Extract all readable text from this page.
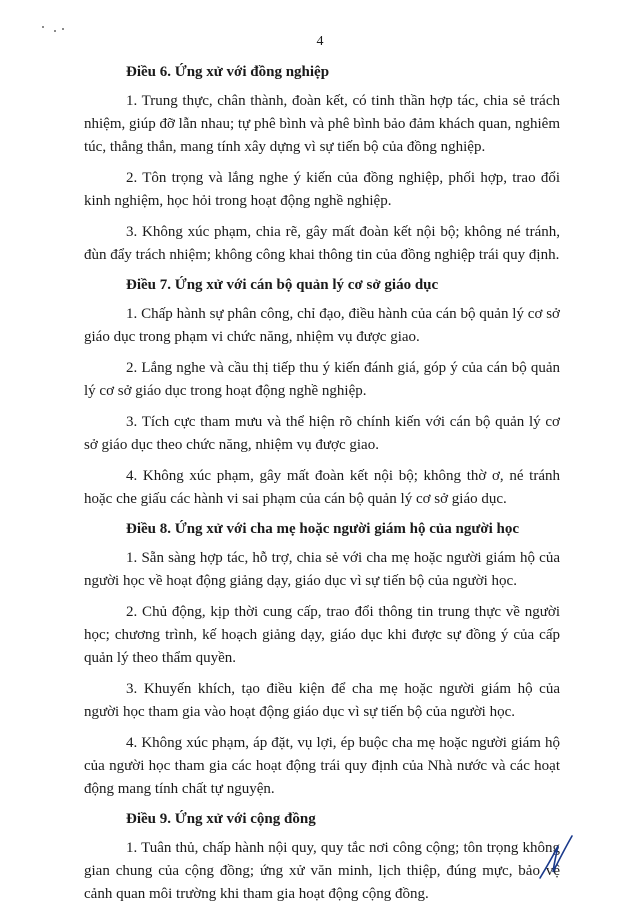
4

Điều 6. Ứng xử với đồng nghiệp

1. Trung thực, chân thành, đoàn kết, có tinh thần hợp tác, chia sẻ trách nhiệm, giúp đỡ lẫn nhau; tự phê bình và phê bình bảo đảm khách quan, nghiêm túc, thẳng thắn, mang tính xây dựng vì sự tiến bộ của đồng nghiệp.

2. Tôn trọng và lắng nghe ý kiến của đồng nghiệp, phối hợp, trao đổi kinh nghiệm, học hỏi trong hoạt động nghề nghiệp.

3. Không xúc phạm, chia rẽ, gây mất đoàn kết nội bộ; không né tránh, đùn đẩy trách nhiệm; không công khai thông tin của đồng nghiệp trái quy định.

Điều 7. Ứng xử với cán bộ quản lý cơ sở giáo dục

1. Chấp hành sự phân công, chỉ đạo, điều hành của cán bộ quản lý cơ sở giáo dục trong phạm vi chức năng, nhiệm vụ được giao.

2. Lắng nghe và cầu thị tiếp thu ý kiến đánh giá, góp ý của cán bộ quản lý cơ sở giáo dục trong hoạt động nghề nghiệp.

3. Tích cực tham mưu và thể hiện rõ chính kiến với cán bộ quản lý cơ sở giáo dục theo chức năng, nhiệm vụ được giao.

4. Không xúc phạm, gây mất đoàn kết nội bộ; không thờ ơ, né tránh hoặc che giấu các hành vi sai phạm của cán bộ quản lý cơ sở giáo dục.

Điều 8. Ứng xử với cha mẹ hoặc người giám hộ của người học

1. Sẵn sàng hợp tác, hỗ trợ, chia sẻ với cha mẹ hoặc người giám hộ của người học về hoạt động giảng dạy, giáo dục vì sự tiến bộ của người học.

2. Chủ động, kịp thời cung cấp, trao đổi thông tin trung thực về người học; chương trình, kế hoạch giảng dạy, giáo dục khi được sự đồng ý của cấp quản lý theo thẩm quyền.

3. Khuyến khích, tạo điều kiện để cha mẹ hoặc người giám hộ của người học tham gia vào hoạt động giáo dục vì sự tiến bộ của người học.

4. Không xúc phạm, áp đặt, vụ lợi, ép buộc cha mẹ hoặc người giám hộ của người học tham gia các hoạt động trái quy định của Nhà nước và các hoạt động mang tính chất tự nguyện.

Điều 9. Ứng xử với cộng đồng

1. Tuân thủ, chấp hành nội quy, quy tắc nơi công cộng; tôn trọng không gian chung của cộng đồng; ứng xử văn minh, lịch thiệp, đúng mực, bảo vệ cảnh quan môi trường khi tham gia hoạt động cộng đồng.
